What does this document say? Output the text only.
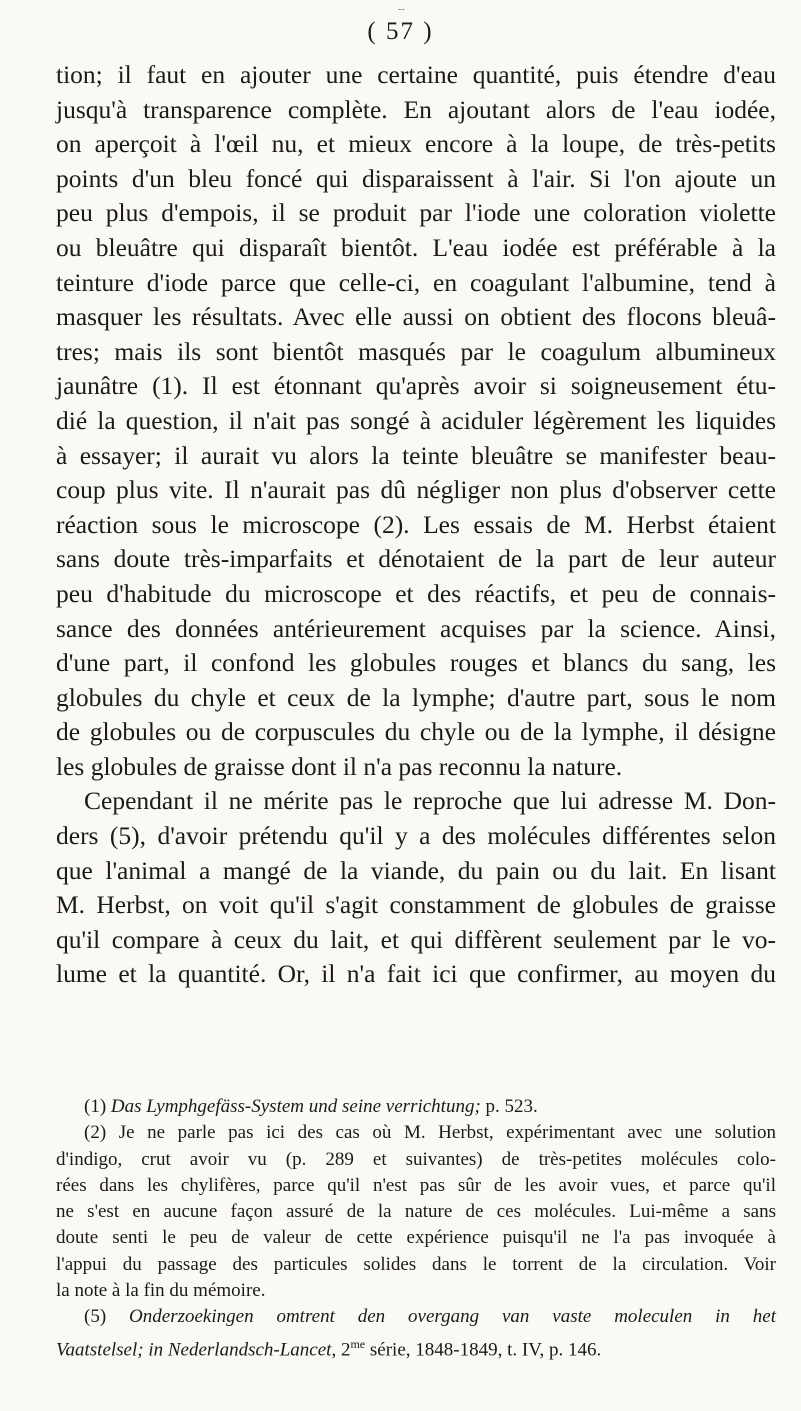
‐‑
( 57 )
tion; il faut en ajouter une certaine quantité, puis étendre d'eau
jusqu'à transparence complète. En ajoutant alors de l'eau iodée,
on aperçoit à l'œil nu, et mieux encore à la loupe, de très-petits
points d'un bleu foncé qui disparaissent à l'air. Si l'on ajoute un
peu plus d'empois, il se produit par l'iode une coloration violette
ou bleuâtre qui disparaît bientôt. L'eau iodée est préférable à la
teinture d'iode parce que celle-ci, en coagulant l'albumine, tend à
masquer les résultats. Avec elle aussi on obtient des flocons bleuâ-
tres; mais ils sont bientôt masqués par le coagulum albumineux
jaunâtre (1). Il est étonnant qu'après avoir si soigneusement étu-
dié la question, il n'ait pas songé à aciduler légèrement les liquides
à essayer; il aurait vu alors la teinte bleuâtre se manifester beau-
coup plus vite. Il n'aurait pas dû négliger non plus d'observer cette
réaction sous le microscope (2). Les essais de M. Herbst étaient
sans doute très-imparfaits et dénotaient de la part de leur auteur
peu d'habitude du microscope et des réactifs, et peu de connais-
sance des données antérieurement acquises par la science. Ainsi,
d'une part, il confond les globules rouges et blancs du sang, les
globules du chyle et ceux de la lymphe; d'autre part, sous le nom
de globules ou de corpuscules du chyle ou de la lymphe, il désigne
les globules de graisse dont il n'a pas reconnu la nature.
Cependant il ne mérite pas le reproche que lui adresse M. Don-
ders (5), d'avoir prétendu qu'il y a des molécules différentes selon
que l'animal a mangé de la viande, du pain ou du lait. En lisant
M. Herbst, on voit qu'il s'agit constamment de globules de graisse
qu'il compare à ceux du lait, et qui diffèrent seulement par le vo-
lume et la quantité. Or, il n'a fait ici que confirmer, au moyen du
(1) Das Lymphgefäss-System und seine verrichtung; p. 523.
(2) Je ne parle pas ici des cas où M. Herbst, expérimentant avec une solution
d'indigo, crut avoir vu (p. 289 et suivantes) de très-petites molécules colo-
rées dans les chylifères, parce qu'il n'est pas sûr de les avoir vues, et parce qu'il
ne s'est en aucune façon assuré de la nature de ces molécules. Lui-même a sans
doute senti le peu de valeur de cette expérience puisqu'il ne l'a pas invoquée à
l'appui du passage des particules solides dans le torrent de la circulation. Voir
la note à la fin du mémoire.
(5) Onderzoekingen omtrent den overgang van vaste moleculen in het
Vaatstelsel; in Nederlandsch-Lancet, $2^{me}$ série, 1848-1849, t. IV, p. 146.
